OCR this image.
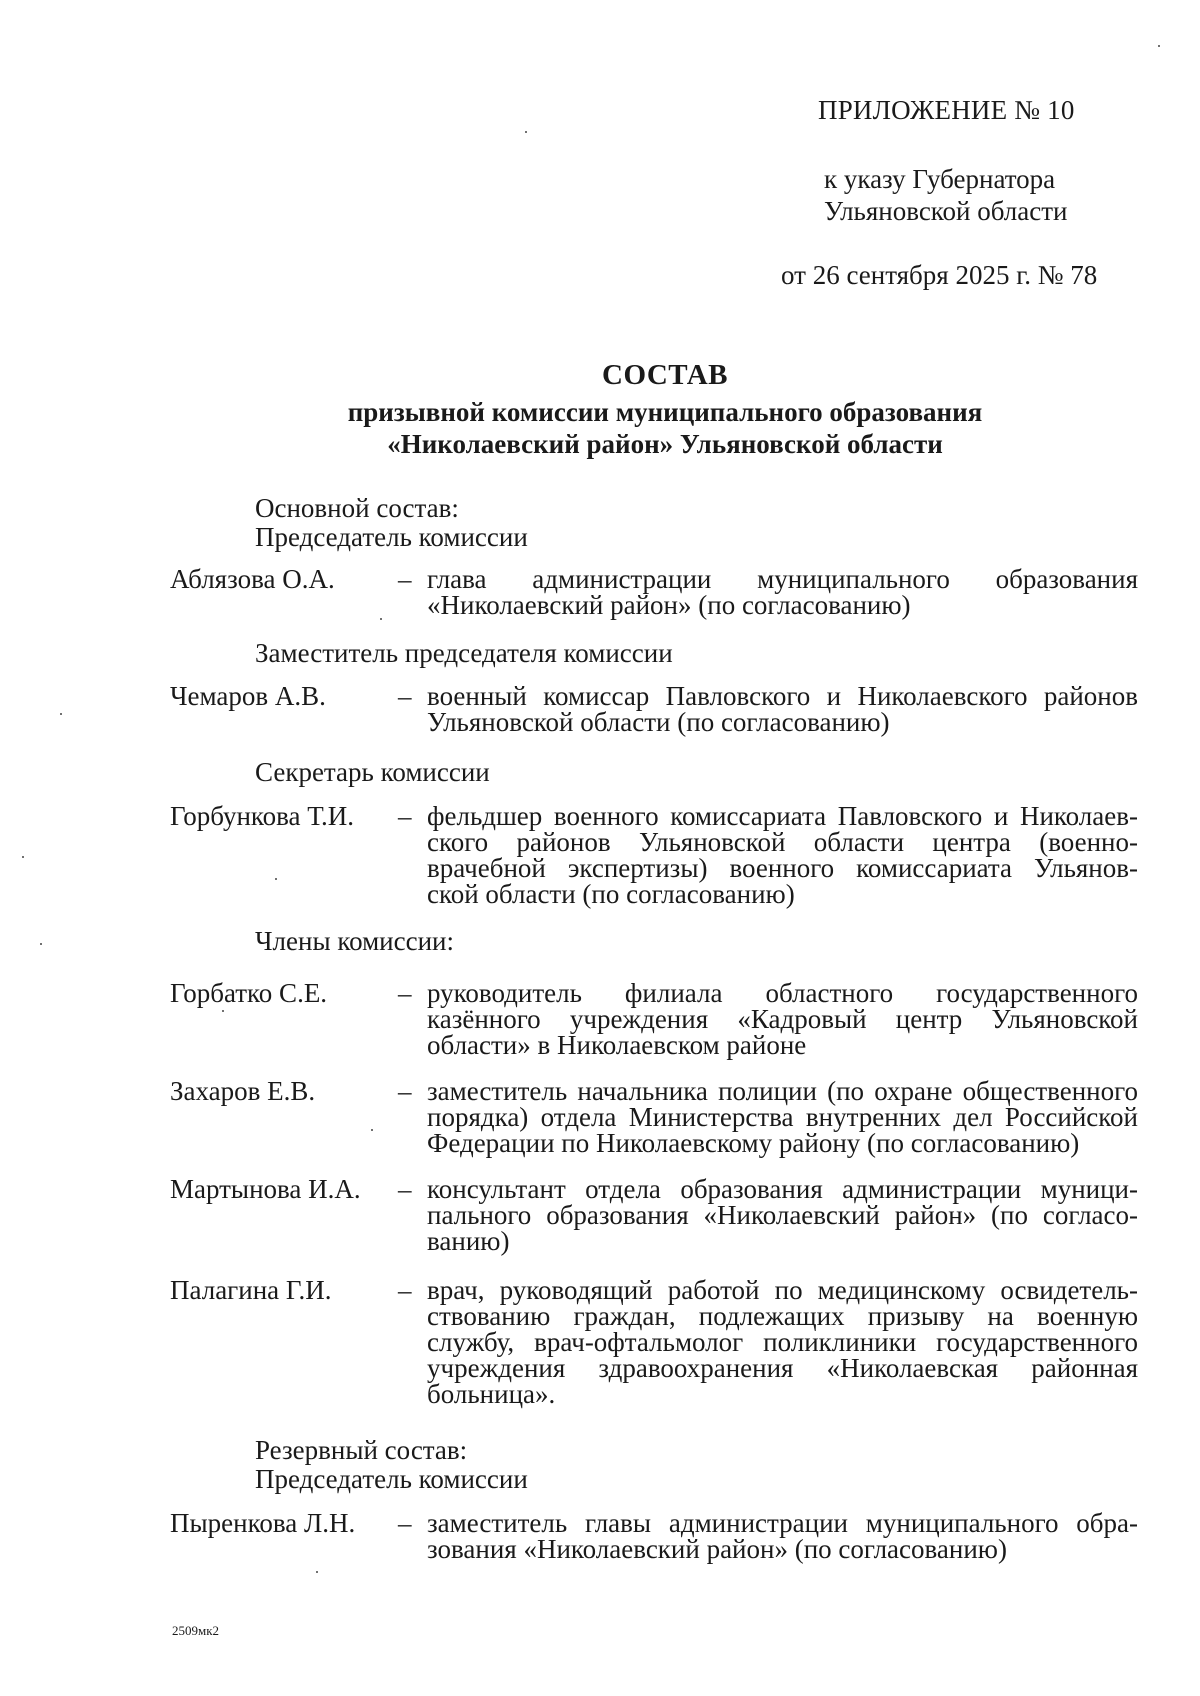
ПРИЛОЖЕНИЕ № 10
к указу Губернатора
Ульяновской области
от 26 сентября 2025 г. № 78
СОСТАВ
призывной комиссии муниципального образования
«Николаевский район» Ульяновской области
Основной состав:
Председатель комиссии
Аблязова О.А. – глава администрации муниципального образования
«Николаевский район» (по согласованию)
Заместитель председателя комиссии
Чемаров А.В.	– военный комиссар Павловского и Николаевского районов
Ульяновской области (по согласованию)
Секретарь комиссии
Горбункова Т.И. – фельдшер военного комиссариата Павловского и Николаев-
ского районов Ульяновской области центра (военно-
врачебной экспертизы) военного комиссариата Ульянов-
ской области (по согласованию)
Члены комиссии:
Горбатко С.Е.	– руководитель филиала областного государственного
казённого учреждения «Кадровый центр Ульяновской
области» в Николаевском районе
Захаров Е.В.	– заместитель начальника полиции (по охране общественного
порядка) отдела Министерства внутренних дел Российской
Федерации по Николаевскому району (по согласованию)
Мартынова И.А. – консультант отдела образования администрации муници-
пального образования «Николаевский район» (по согласо-
ванию)
Палагина Г.И. – врач, руководящий работой по медицинскому освидетель-
ствованию граждан, подлежащих призыву на военную
службу, врач-офтальмолог поликлиники государственного
учреждения здравоохранения «Николаевская районная
больница».
Резервный состав:
Председатель комиссии
Пыренкова Л.Н. – заместитель главы администрации муниципального обра-
зования «Николаевский район» (по согласованию)
2509мк2
